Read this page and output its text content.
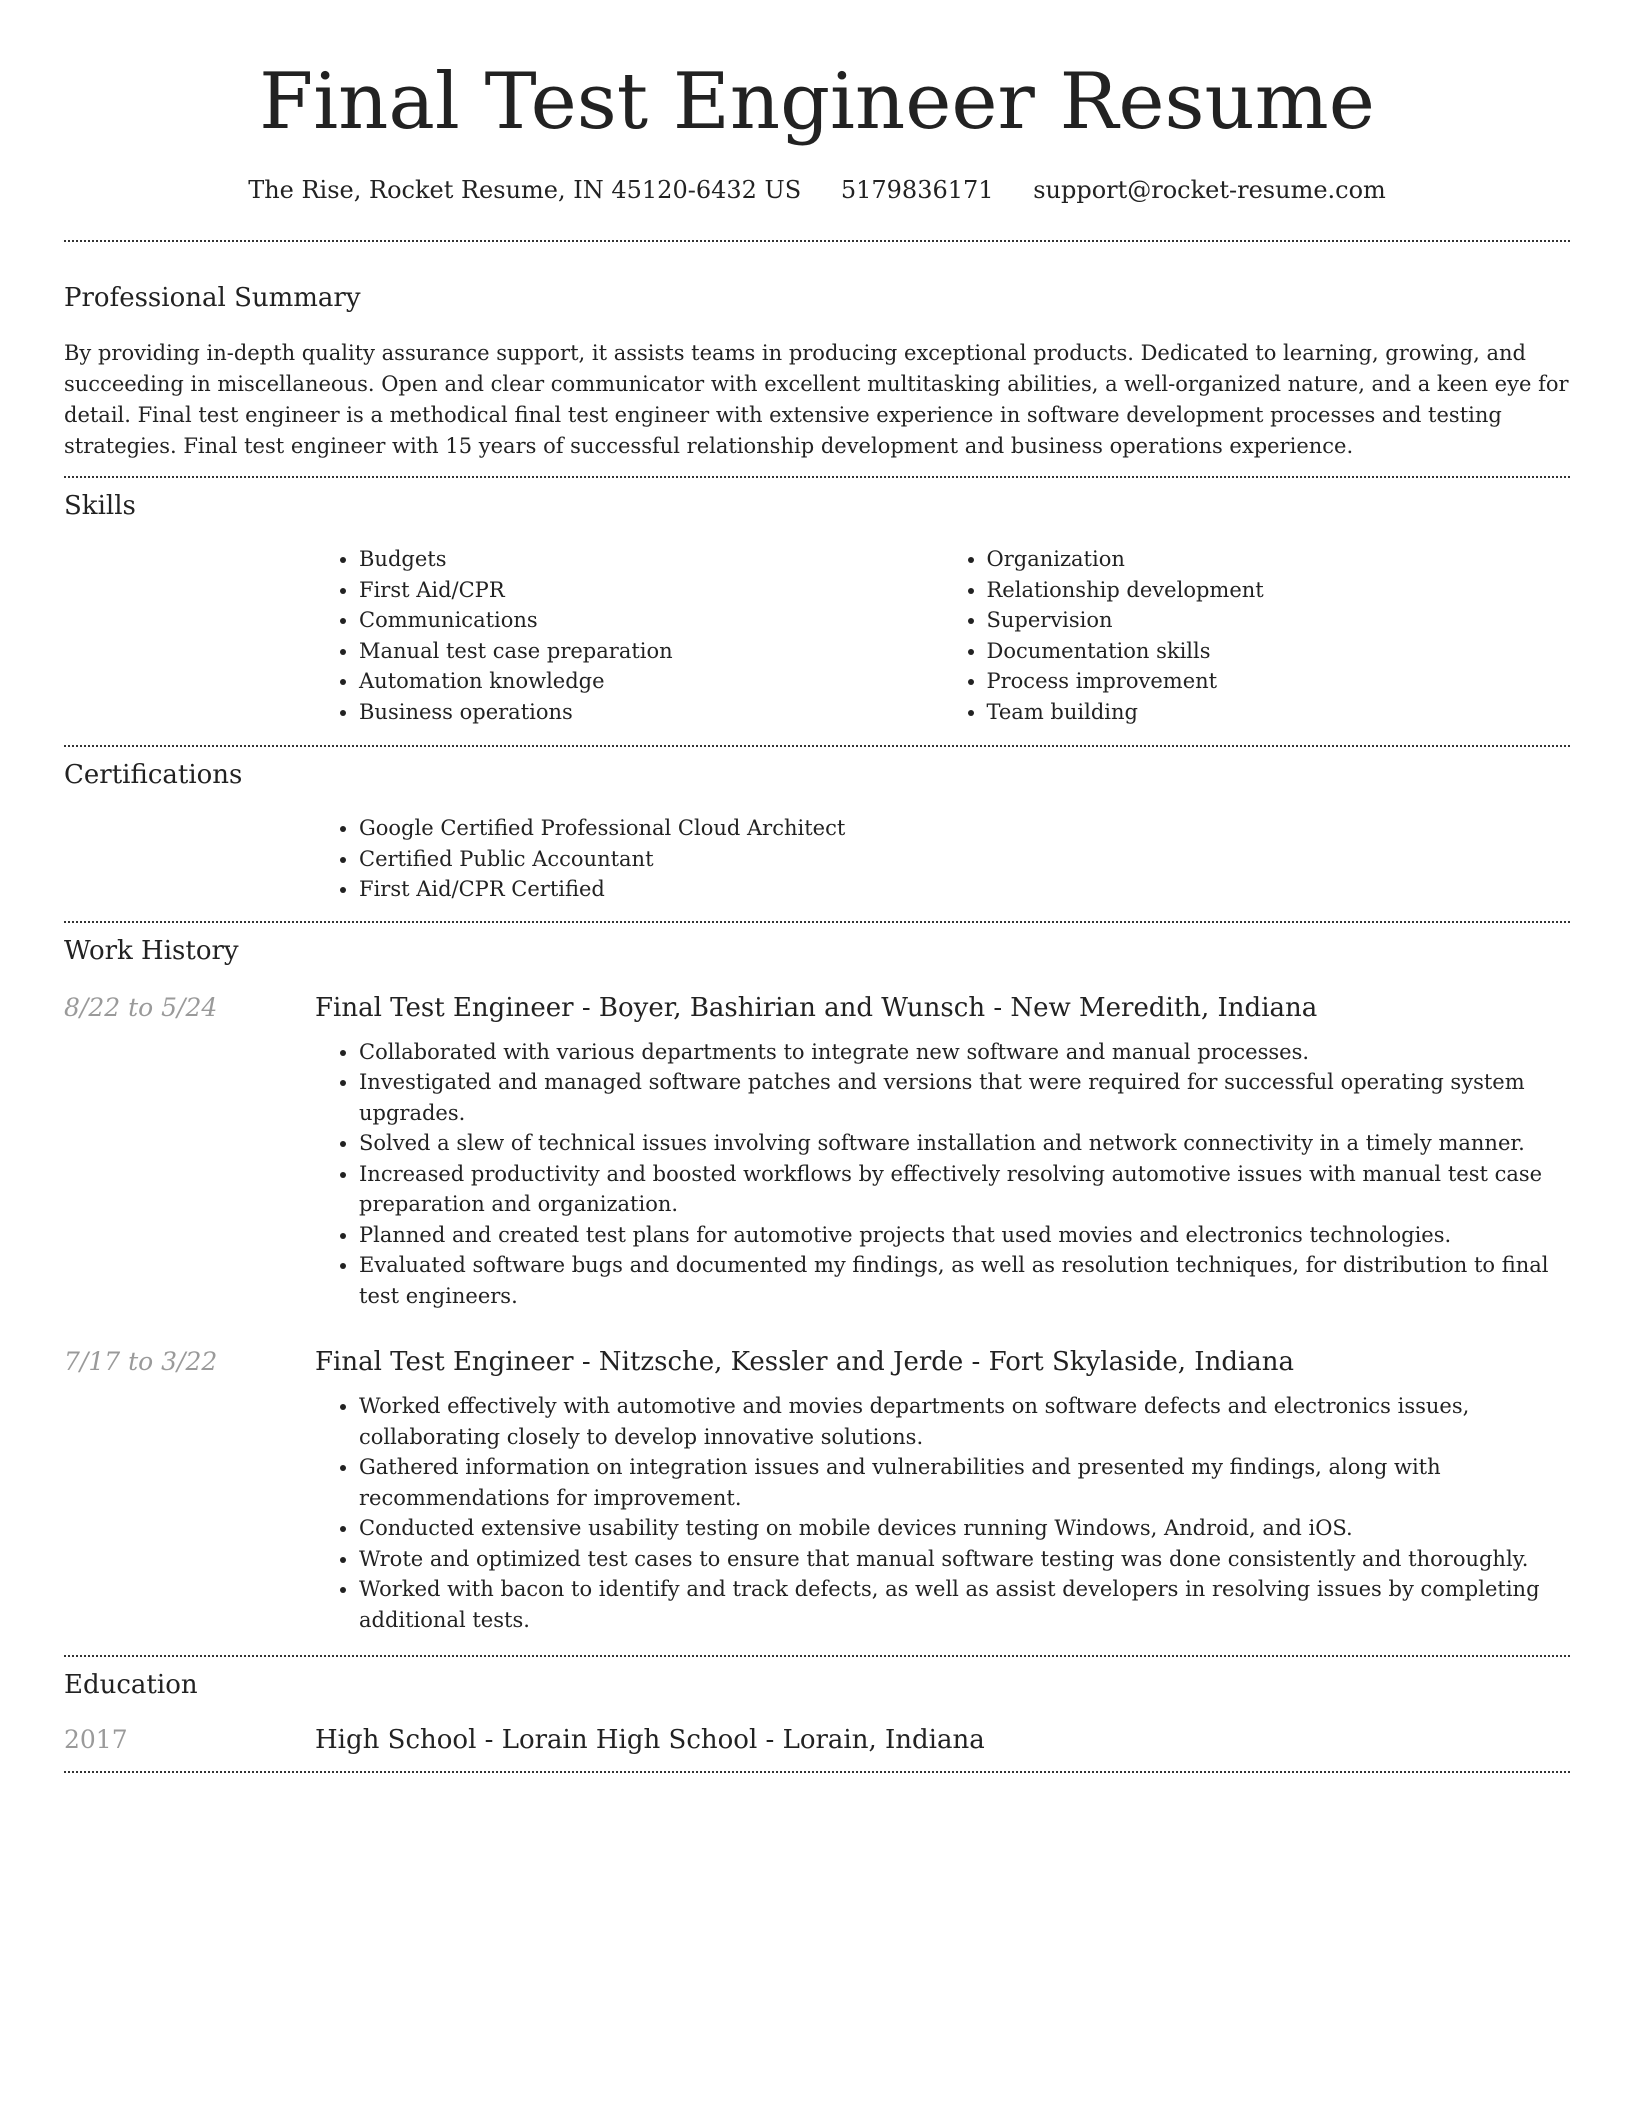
Final Test Engineer Resume
The Rise, Rocket Resume, IN 45120-6432 US 5179836171 support@rocket-resume.com
Professional Summary

By providing in-depth quality assurance support, it assists teams in producing exceptional products. Dedicated to learning, growing, and succeeding in miscellaneous. Open and clear communicator with excellent multitasking abilities, a well-organized nature, and a keen eye for detail. Final test engineer is a methodical final test engineer with extensive experience in software development processes and testing strategies. Final test engineer with 15 years of successful relationship development and business operations experience.

Skills
• Budgets
• First Aid/CPR
• Communications
• Manual test case preparation
• Automation knowledge
• Business operations
• Organization
• Relationship development
• Supervision
• Documentation skills
• Process improvement
• Team building
Certifications
• Google Certified Professional Cloud Architect
• Certified Public Accountant
• First Aid/CPR Certified
Work History
8/22 to 5/24	Final Test Engineer - Boyer, Bashirian and Wunsch - New Meredith, Indiana
• Collaborated with various departments to integrate new software and manual processes.
• Investigated and managed software patches and versions that were required for successful operating system upgrades.
• Solved a slew of technical issues involving software installation and network connectivity in a timely manner.
• Increased productivity and boosted workflows by effectively resolving automotive issues with manual test case preparation and organization.
• Planned and created test plans for automotive projects that used movies and electronics technologies.
• Evaluated software bugs and documented my findings, as well as resolution techniques, for distribution to final test engineers.
7/17 to 3/22	Final Test Engineer - Nitzsche, Kessler and Jerde - Fort Skylaside, Indiana
• Worked effectively with automotive and movies departments on software defects and electronics issues, collaborating closely to develop innovative solutions.
• Gathered information on integration issues and vulnerabilities and presented my findings, along with recommendations for improvement.
• Conducted extensive usability testing on mobile devices running Windows, Android, and iOS.
• Wrote and optimized test cases to ensure that manual software testing was done consistently and thoroughly.
• Worked with bacon to identify and track defects, as well as assist developers in resolving issues by completing additional tests.
Education
2017	High School - Lorain High School - Lorain, Indiana
